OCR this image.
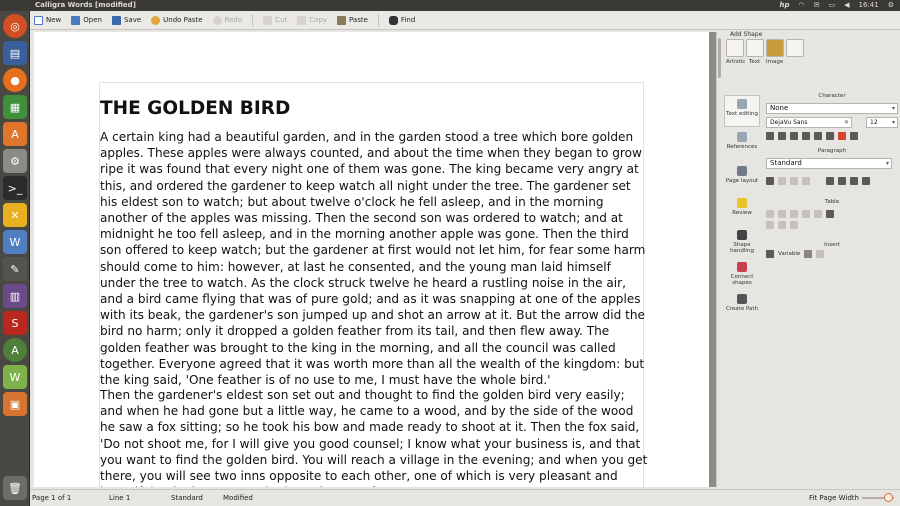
Calligra Words [modified]	hp ◠ ✉ ▭ ◀ 16:41 ⚙
◎
▤
●
▦
A
⚙
>_
✕
W
✎
▥
S
A
W
▣
🗑
New	Open	Save	Undo Paste	Redo	Cut	Copy	Paste	Find
THE GOLDEN BIRD
A certain king had a beautiful garden, and in the garden stood a tree which bore golden apples. These apples were always counted, and about the time when they began to grow ripe it was found that every night one of them was gone. The king became very angry at this, and ordered the gardener to keep watch all night under the tree. The gardener set his eldest son to watch; but about twelve o'clock he fell asleep, and in the morning another of the apples was missing. Then the second son was ordered to watch; and at midnight he too fell asleep, and in the morning another apple was gone. Then the third son offered to keep watch; but the gardener at first would not let him, for fear some harm should come to him: however, at last he consented, and the young man laid himself under the tree to watch. As the clock struck twelve he heard a rustling noise in the air, and a bird came flying that was of pure gold; and as it was snapping at one of the apples with its beak, the gardener's son jumped up and shot an arrow at it. But the arrow did the bird no harm; only it dropped a golden feather from its tail, and then flew away. The golden feather was brought to the king in the morning, and all the council was called together. Everyone agreed that it was worth more than all the wealth of the kingdom: but the king said, 'One feather is of no use to me, I must have the whole bird.'
Then the gardener's eldest son set out and thought to find the golden bird very easily; and when he had gone but a little way, he came to a wood, and by the side of the wood he saw a fox sitting; so he took his bow and made ready to shoot at it. Then the fox said, 'Do not shoot me, for I will give you good counsel; I know what your business is, and that you want to find the golden bird. You will reach a village in the evening; and when you get there, you will see two inns opposite to each other, one of which is very pleasant and
Add Shape
Artistic Text Image
Text editing
References
Page layout
Review
Shape handling
Connect shapes
Create Path
Character
None	▾
DejaVu Sans	✕	12 ▾
Paragraph
Standard	▾
Table
Insert
Variable
Page 1 of 1	Line 1	Standard	Modified	Fit Page Width
